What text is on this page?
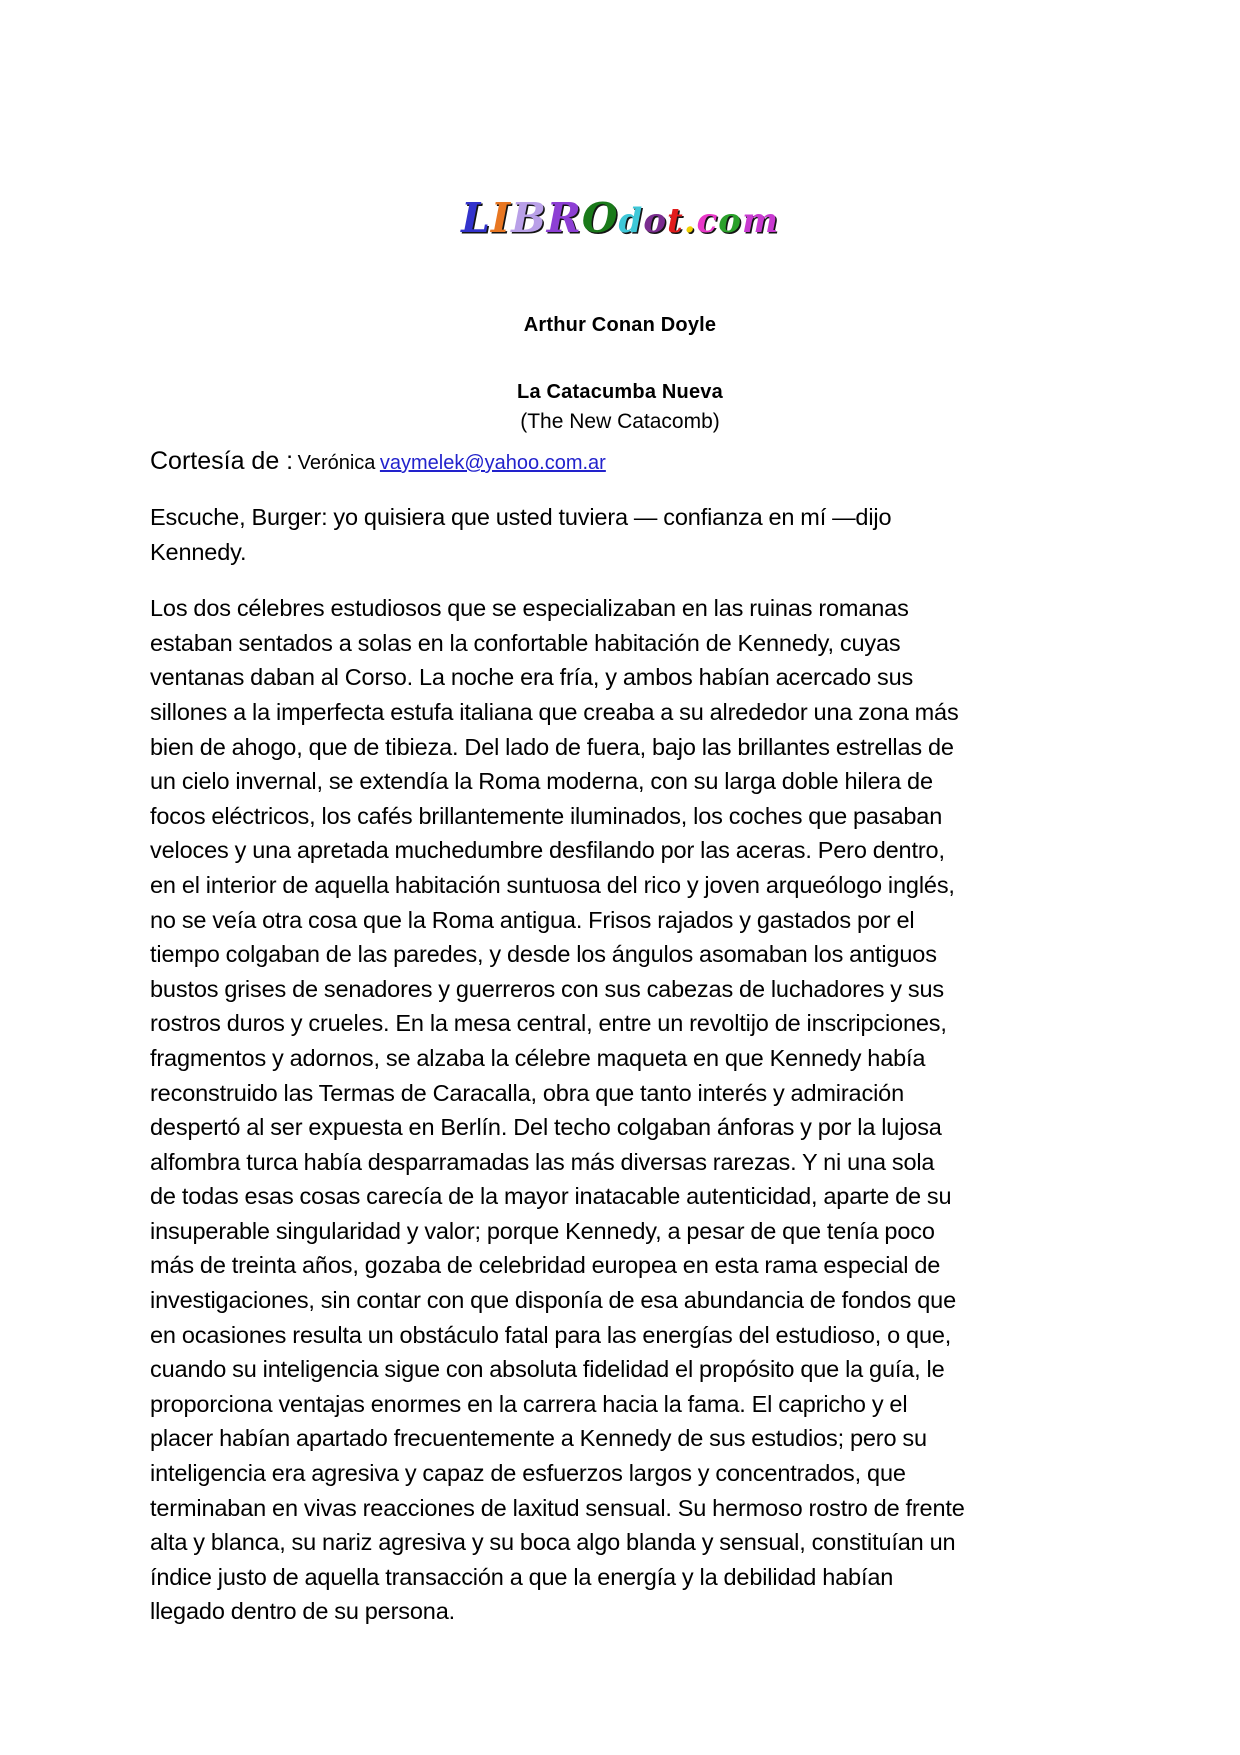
LIBROdot.com
Arthur Conan Doyle
La Catacumba Nueva
(The New Catacomb)
Cortesía de : Verónica vaymelek@yahoo.com.ar

Escuche, Burger: yo quisiera que usted tuviera — confianza en mí —dijo Kennedy.

Los dos célebres estudiosos que se especializaban en las ruinas romanas estaban sentados a solas en la confortable habitación de Kennedy, cuyas ventanas daban al Corso. La noche era fría, y ambos habían acercado sus sillones a la imperfecta estufa italiana que creaba a su alrededor una zona más bien de ahogo, que de tibieza. Del lado de fuera, bajo las brillantes estrellas de un cielo invernal, se extendía la Roma moderna, con su larga doble hilera de focos eléctricos, los cafés brillantemente iluminados, los coches que pasaban veloces y una apretada muchedumbre desfilando por las aceras. Pero dentro, en el interior de aquella habitación suntuosa del rico y joven arqueólogo inglés, no se veía otra cosa que la Roma antigua. Frisos rajados y gastados por el tiempo colgaban de las paredes, y desde los ángulos asomaban los antiguos bustos grises de senadores y guerreros con sus cabezas de luchadores y sus rostros duros y crueles. En la mesa central, entre un revoltijo de inscripciones, fragmentos y adornos, se alzaba la célebre maqueta en que Kennedy había reconstruido las Termas de Caracalla, obra que tanto interés y admiración despertó al ser expuesta en Berlín. Del techo colgaban ánforas y por la lujosa alfombra turca había desparramadas las más diversas rarezas. Y ni una sola de todas esas cosas carecía de la mayor inatacable autenticidad, aparte de su insuperable singularidad y valor; porque Kennedy, a pesar de que tenía poco más de treinta años, gozaba de celebridad europea en esta rama especial de investigaciones, sin contar con que disponía de esa abundancia de fondos que en ocasiones resulta un obstáculo fatal para las energías del estudioso, o que, cuando su inteligencia sigue con absoluta fidelidad el propósito que la guía, le proporciona ventajas enormes en la carrera hacia la fama. El capricho y el placer habían apartado frecuentemente a Kennedy de sus estudios; pero su inteligencia era agresiva y capaz de esfuerzos largos y concentrados, que terminaban en vivas reacciones de laxitud sensual. Su hermoso rostro de frente alta y blanca, su nariz agresiva y su boca algo blanda y sensual, constituían un índice justo de aquella transacción a que la energía y la debilidad habían llegado dentro de su persona.
